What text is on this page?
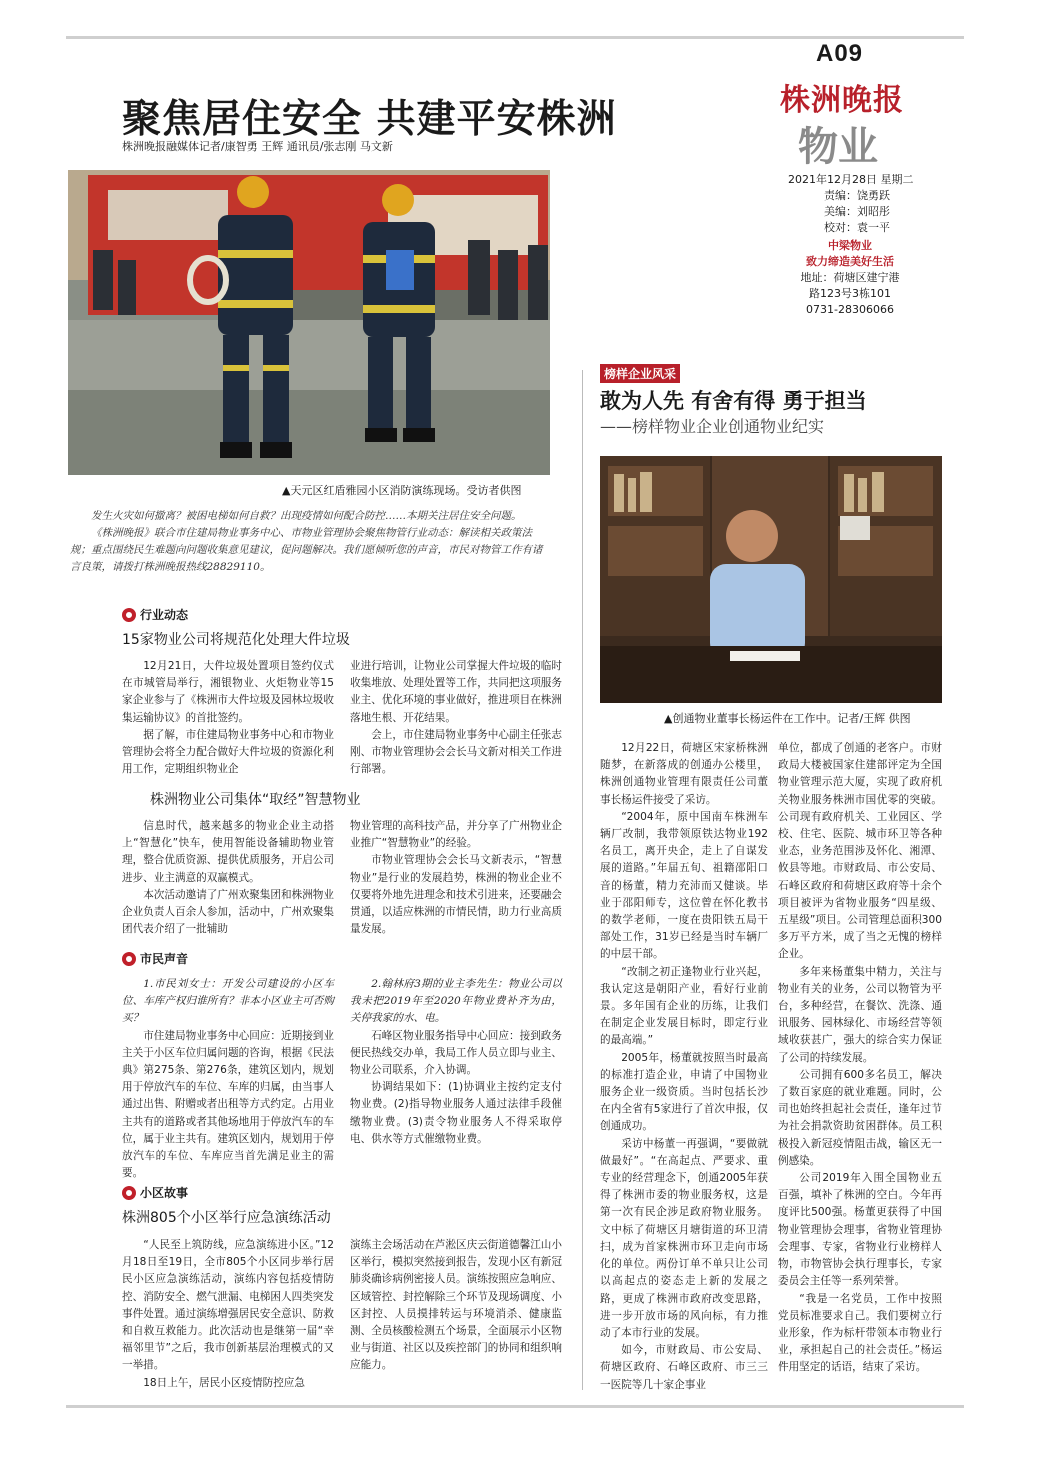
A09
株洲晚报
物业
2021年12月28日 星期二
责编：饶勇跃
美编：刘昭彤
校对：袁一平
中梁物业
致力缔造美好生活
地址：荷塘区建宁港
路123号3栋101
0731-28306066
聚焦居住安全 共建平安株洲
株洲晚报融媒体记者/康智勇 王辉 通讯员/张志刚 马文新
▲天元区红盾雅园小区消防演练现场。受访者供图

发生火灾如何撤离？被困电梯如何自救？出现疫情如何配合防控……本期关注居住安全问题。

《株洲晚报》联合市住建局物业事务中心、市物业管理协会聚焦物管行业动态：解读相关政策法规；重点围绕民生难题向问题收集意见建议，促问题解决。我们愿倾听您的声音，市民对物管工作有诸言良策，请拨打株洲晚报热线28829110。

行业动态
15家物业公司将规范化处理大件垃圾

12月21日，大件垃圾处置项目签约仪式在市城管局举行，湘银物业、火炬物业等15家企业参与了《株洲市大件垃圾及园林垃圾收集运输协议》的首批签约。

据了解，市住建局物业事务中心和市物业管理协会将全力配合做好大件垃圾的资源化利用工作，定期组织物业企

业进行培训，让物业公司掌握大件垃圾的临时收集堆放、处理处置等工作，共同把这项服务业主、优化环境的事业做好，推进项目在株洲落地生根、开花结果。

会上，市住建局物业事务中心副主任张志刚、市物业管理协会会长马文新对相关工作进行部署。

株洲物业公司集体“取经”智慧物业

信息时代，越来越多的物业企业主动搭上“智慧化”快车，使用智能设备辅助物业管理，整合优质资源、提供优质服务，开启公司进步、业主满意的双赢模式。

本次活动邀请了广州欢聚集团和株洲物业企业负责人百余人参加，活动中，广州欢聚集团代表介绍了一批辅助

物业管理的高科技产品，并分享了广州物业企业推广“智慧物业”的经验。

市物业管理协会会长马文新表示，“智慧物业”是行业的发展趋势，株洲的物业企业不仅要将外地先进理念和技术引进来，还要融会贯通，以适应株洲的市情民情，助力行业高质量发展。

市民声音

1.市民刘女士：开发公司建设的小区车位、车库产权归谁所有？非本小区业主可否购买？

市住建局物业事务中心回应：近期接到业主关于小区车位归属问题的咨询，根据《民法典》第275条、第276条，建筑区划内，规划用于停放汽车的车位、车库的归属，由当事人通过出售、附赠或者出租等方式约定。占用业主共有的道路或者其他场地用于停放汽车的车位，属于业主共有。建筑区划内，规划用于停放汽车的车位、车库应当首先满足业主的需要。

2.翰林府3期的业主李先生：物业公司以我未把2019年至2020年物业费补齐为由，关停我家的水、电。

石峰区物业服务指导中心回应：接到政务便民热线交办单，我局工作人员立即与业主、物业公司联系，介入协调。

协调结果如下：(1)协调业主按约定支付物业费。(2)指导物业服务人通过法律手段催缴物业费。(3)责令物业服务人不得采取停电、供水等方式催缴物业费。

小区故事
株洲805个小区举行应急演练活动

“人民至上筑防线，应急演练进小区。”12月18日至19日，全市805个小区同步举行居民小区应急演练活动，演练内容包括疫情防控、消防安全、燃气泄漏、电梯困人四类突发事件处置。通过演练增强居民安全意识、防救和自救互救能力。此次活动也是继第一届“幸福邻里节”之后，我市创新基层治理模式的又一举措。

18日上午，居民小区疫情防控应急

演练主会场活动在芦淞区庆云街道德馨江山小区举行，模拟突然接到报告，发现小区有新冠肺炎确诊病例密接人员。演练按照应急响应、区域管控、封控解除三个环节及现场调度、小区封控、人员摸排转运与环境消杀、健康监测、全员核酸检测五个场景，全面展示小区物业与街道、社区以及疾控部门的协同和组织响应能力。

榜样企业风采
敢为人先 有舍有得 勇于担当
——榜样物业企业创通物业纪实
▲创通物业董事长杨运件在工作中。记者/王辉 供图

12月22日，荷塘区宋家桥株洲随梦，在新落成的创通办公楼里，株洲创通物业管理有限责任公司董事长杨运件接受了采访。

“2004年，原中国南车株洲车辆厂改制，我带领原铁达物业192名员工，离开央企，走上了自谋发展的道路。”年届五旬、祖籍邵阳口音的杨董，精力充沛而又健谈。毕业于邵阳师专，这位曾在怀化教书的数学老师，一度在贵阳铁五局干部处工作，31岁已经是当时车辆厂的中层干部。

“改制之初正逢物业行业兴起，我认定这是朝阳产业，看好行业前景。多年国有企业的历练，让我们在制定企业发展目标时，即定行业的最高端。”

2005年，杨董就按照当时最高的标准打造企业，申请了中国物业服务企业一级资质。当时包括长沙在内全省有5家进行了首次申报，仅创通成功。

采访中杨董一再强调，“要做就做最好”。“在高起点、严要求、重专业的经营理念下，创通2005年获得了株洲市委的物业服务权，这是第一次有民企涉足政府物业服务。文中标了荷塘区月塘街道的环卫清扫，成为首家株洲市环卫走向市场化的单位。两份订单不单只让公司以高起点的姿态走上新的发展之路，更成了株洲市政府改变思路，进一步开放市场的风向标，有力推动了本市行业的发展。

如今，市财政局、市公安局、荷塘区政府、石峰区政府、市三三一医院等几十家企事业

单位，都成了创通的老客户。市财政局大楼被国家住建部评定为全国物业管理示范大厦，实现了政府机关物业服务株洲市国优零的突破。公司现有政府机关、工业园区、学校、住宅、医院、城市环卫等各种业态，业务范围涉及怀化、湘潭、攸县等地。市财政局、市公安局、石峰区政府和荷塘区政府等十余个项目被评为省物业服务“四星级、五星级”项目。公司管理总面积300多万平方米，成了当之无愧的榜样企业。

多年来杨董集中精力，关注与物业有关的业务，公司以物管为平台，多种经营，在餐饮、洗涤、通讯服务、园林绿化、市场经营等领域收获甚广，强大的综合实力保证了公司的持续发展。

公司拥有600多名员工，解决了数百家庭的就业难题。同时，公司也始终担起社会责任，逢年过节为社会捐款资助贫困群体。员工积极投入新冠疫情阻击战，输区无一例感染。

公司2019年入围全国物业五百强，填补了株洲的空白。今年再度评比500强。杨董更获得了中国物业管理协会理事，省物业管理协会理事、专家，省物业行业榜样人物，市物管协会执行理事长，专家委员会主任等一系列荣誉。

“我是一名党员，工作中按照党员标准要求自己。我们要树立行业形象，作为标杆带领本市物业行业，承担起自己的社会责任。”杨运件用坚定的话语，结束了采访。
